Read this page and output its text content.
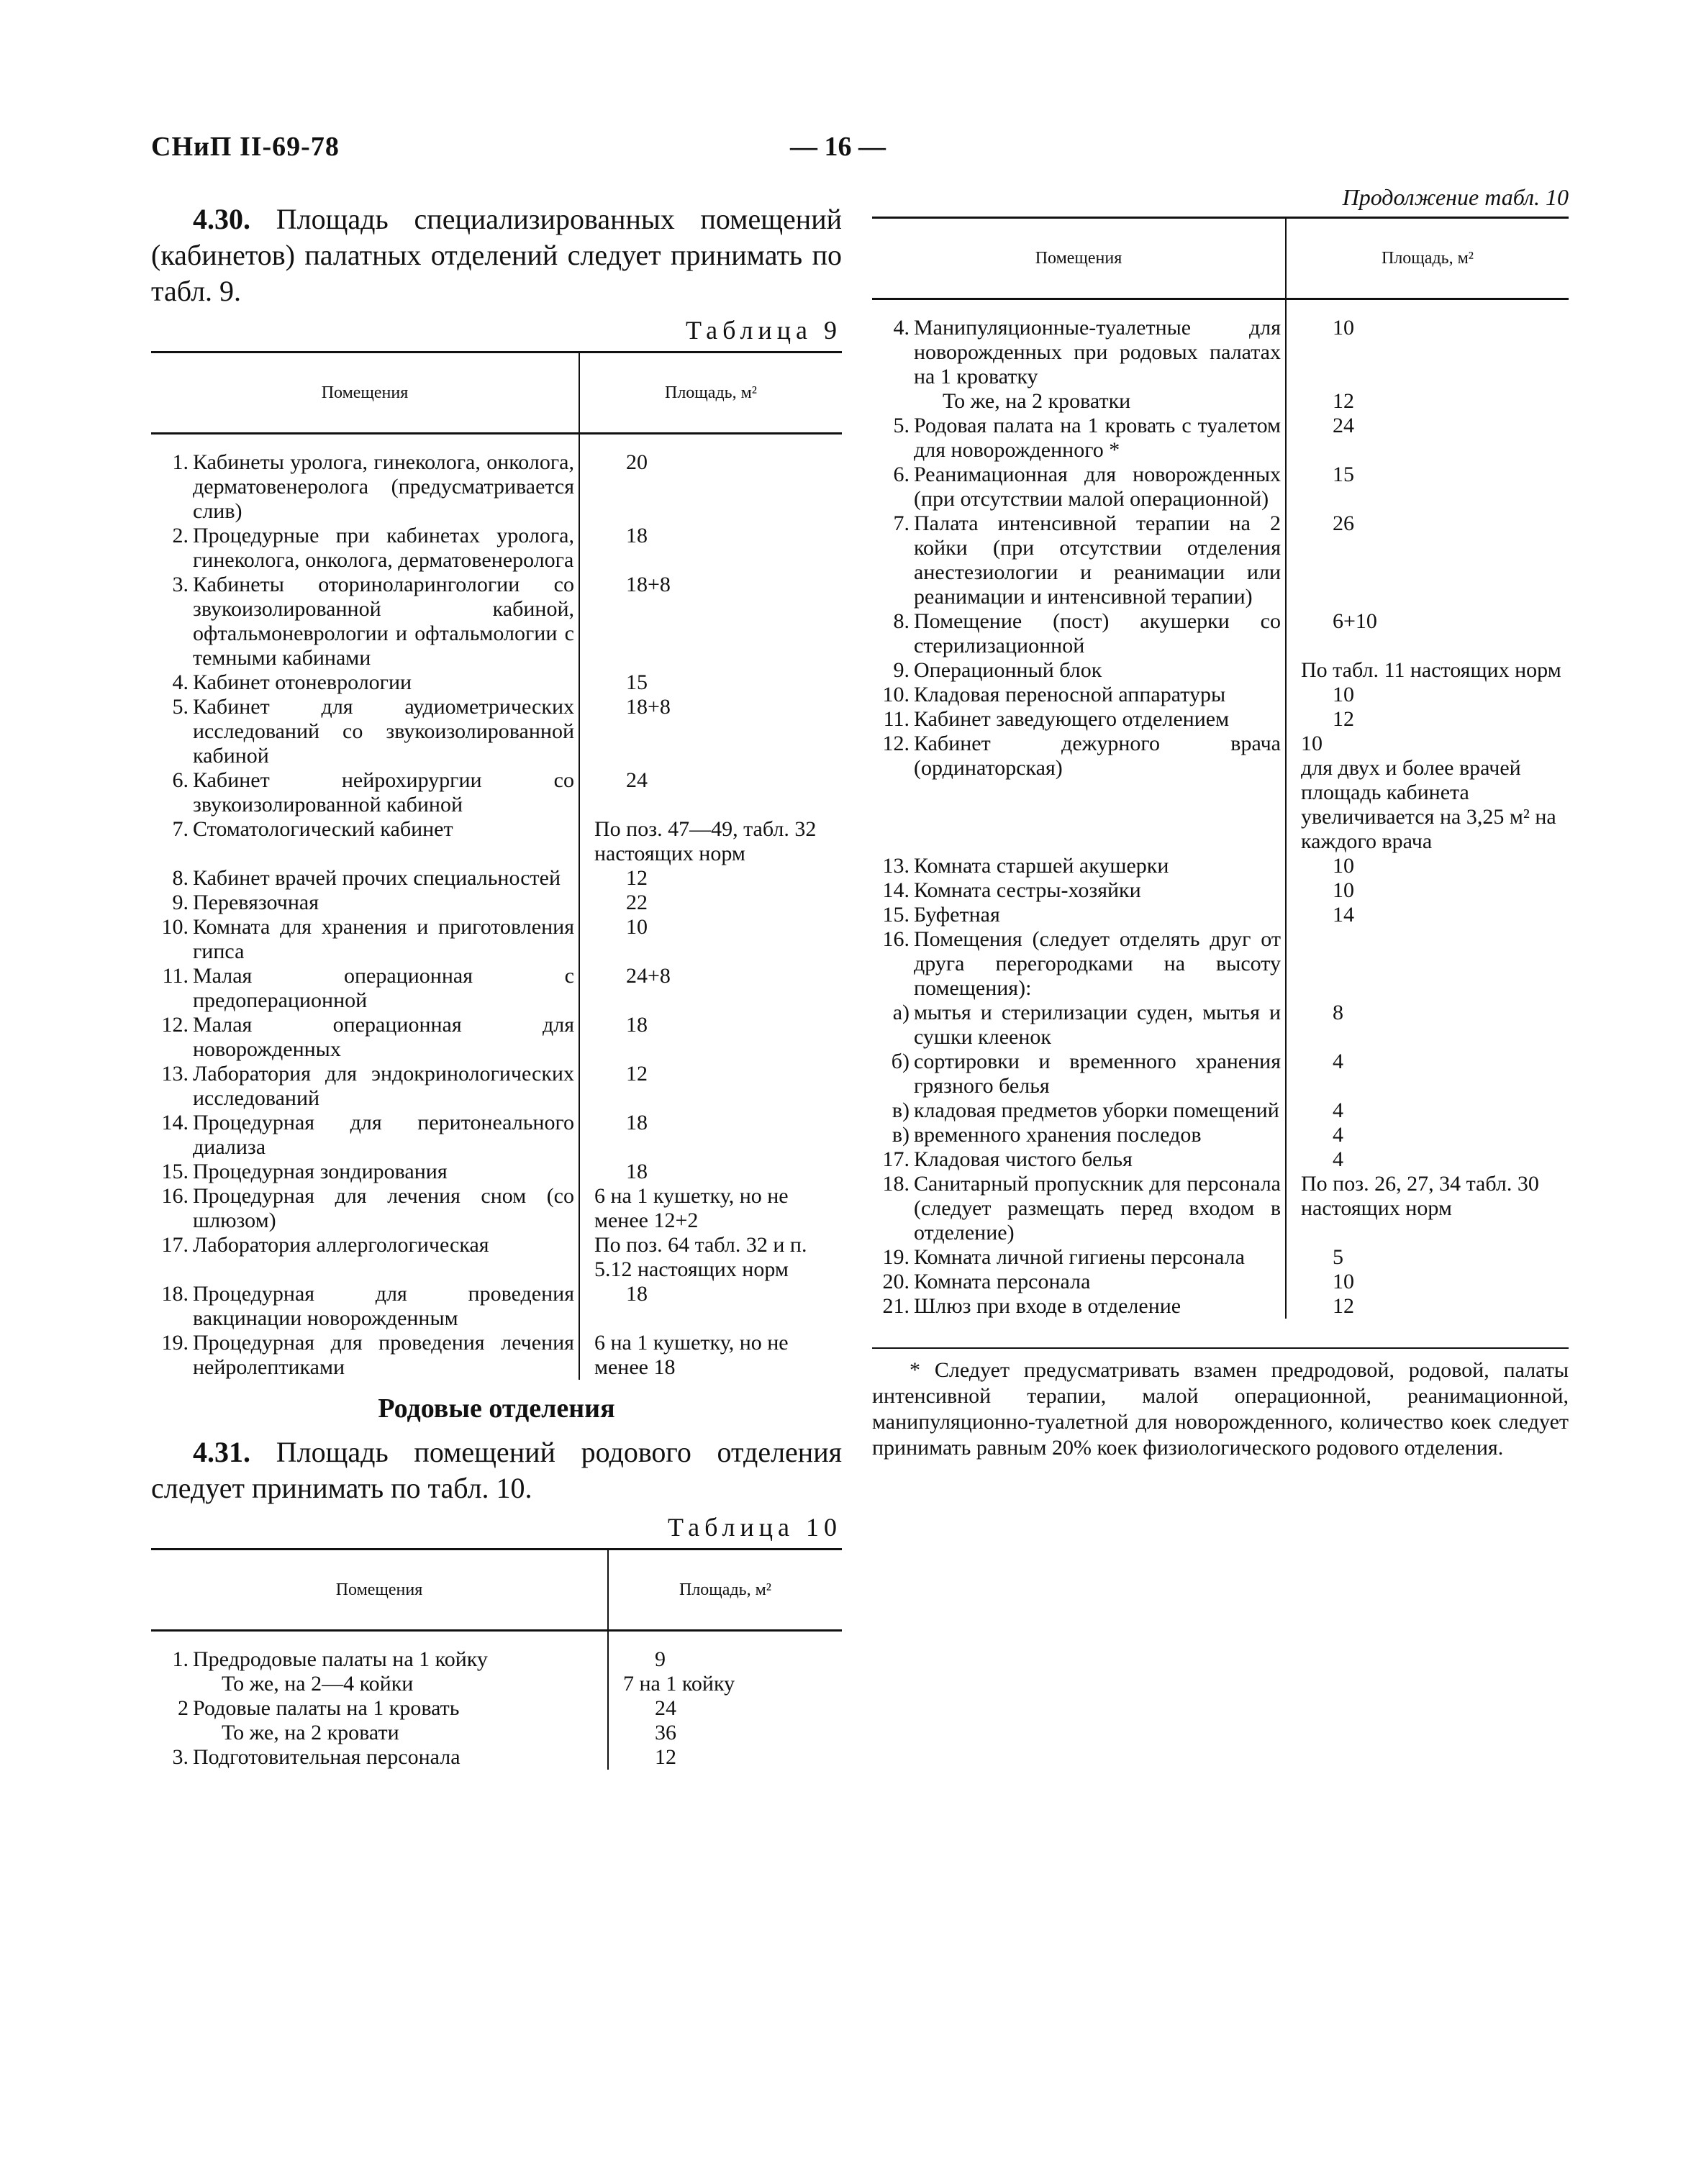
СНиП II-69-78	— 16 —

4.30. Площадь специализированных помещений (кабинетов) палатных отделений следует принимать по табл. 9.

Таблица 9
Помещения		Площадь, м²
1.	Кабинеты уролога, гинеколога, онколога, дерматовенеролога (предусматривается слив)	20
2.	Процедурные при кабинетах уролога, гинеколога, онколога, дерматовенеролога	18
3.	Кабинеты оториноларингологии со звукоизолированной кабиной, офтальмоневрологии и офтальмологии с темными кабинами	18+8
4.	Кабинет отоневрологии	15
5.	Кабинет для аудиометрических исследований со звукоизолированной кабиной	18+8
6.	Кабинет нейрохирургии со звукоизолированной кабиной	24
7.	Стоматологический кабинет	По поз. 47—49, табл. 32 настоящих норм
8.	Кабинет врачей прочих специальностей	12
9.	Перевязочная	22
10.	Комната для хранения и приготовления гипса	10
11.	Малая операционная с предоперационной	24+8
12.	Малая операционная для новорожденных	18
13.	Лаборатория для эндокринологических исследований	12
14.	Процедурная для перитонеального диализа	18
15.	Процедурная зондирования	18
16.	Процедурная для лечения сном (со шлюзом)	6 на 1 кушетку, но не менее 12+2
17.	Лаборатория аллергологическая	По поз. 64 табл. 32 и п. 5.12 настоящих норм
18.	Процедурная для проведения вакцинации новорожденным	18
19.	Процедурная для проведения лечения нейролептиками	6 на 1 кушетку, но не менее 18
Родовые отделения

4.31. Площадь помещений родового отделения следует принимать по табл. 10.

Таблица 10
Помещения		Площадь, м²
1.	Предродовые палаты на 1 койку	9
	То же, на 2—4 койки	7 на 1 койку
2	Родовые палаты на 1 кровать	24
	То же, на 2 кровати	36
3.	Подготовительная персонала	12
Продолжение табл. 10
Помещения		Площадь, м²
4.	Манипуляционные-туалетные для новорожденных при родовых палатах на 1 кроватку	10
	То же, на 2 кроватки	12
5.	Родовая палата на 1 кровать с туалетом для новорожденного *	24
6.	Реанимационная для новорожденных (при отсутствии малой операционной)	15
7.	Палата интенсивной терапии на 2 койки (при отсутствии отделения анестезиологии и реанимации или реанимации и интенсивной терапии)	26
8.	Помещение (пост) акушерки со стерилизационной	6+10
9.	Операционный блок	По табл. 11 настоящих норм
10.	Кладовая переносной аппаратуры	10
11.	Кабинет заведующего отделением	12
12.	Кабинет дежурного врача (ординаторская)	10
для двух и более врачей площадь кабинета увеличивается на 3,25 м² на каждого врача
13.	Комната старшей акушерки	10
14.	Комната сестры-хозяйки	10
15.	Буфетная	14
16.	Помещения (следует отделять друг от друга перегородками на высоту помещения):	
а)	мытья и стерилизации суден, мытья и сушки клеенок	8
б)	сортировки и временного хранения грязного белья	4
в)	кладовая предметов уборки помещений	4
в)	временного хранения последов	4
17.	Кладовая чистого белья	4
18.	Санитарный пропускник для персонала (следует размещать перед входом в отделение)	По поз. 26, 27, 34 табл. 30 настоящих норм
19.	Комната личной гигиены персонала	5
20.	Комната персонала	10
21.	Шлюз при входе в отделение	12
* Следует предусматривать взамен предродовой, родовой, палаты интенсивной терапии, малой операционной, реанимационной, манипуляционно-туалетной для новорожденного, количество коек следует принимать равным 20% коек физиологического родового отделения.
